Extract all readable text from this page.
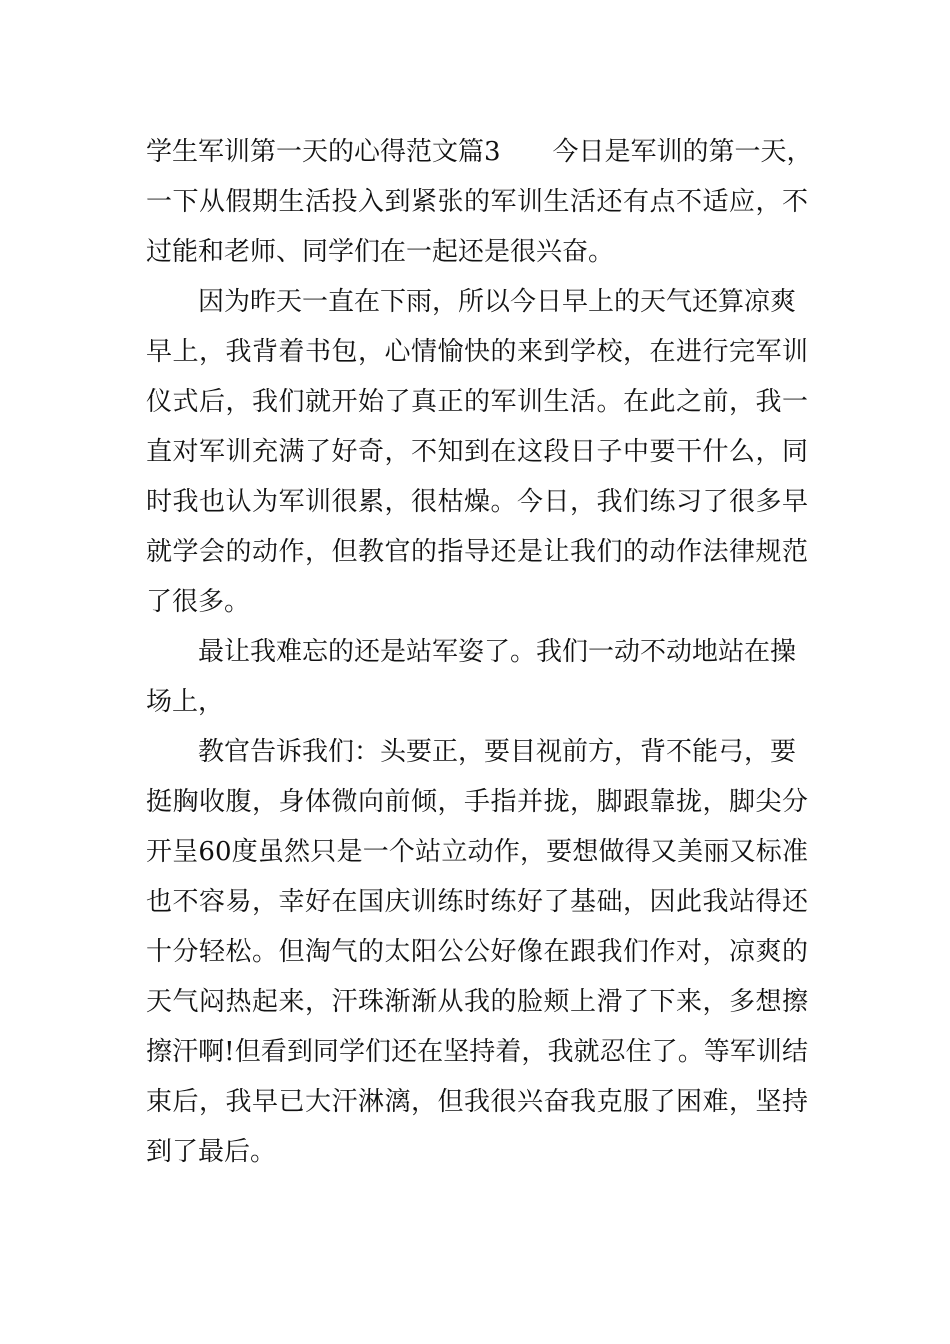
学生军训第一天的心得范文篇3　　今日是军训的第一天，
一下从假期生活投入到紧张的军训生活还有点不适应，不
过能和老师、同学们在一起还是很兴奋。
因为昨天一直在下雨，所以今日早上的天气还算凉爽
早上，我背着书包，心情愉快的来到学校，在进行完军训
仪式后，我们就开始了真正的军训生活。在此之前，我一
直对军训充满了好奇，不知到在这段日子中要干什么，同
时我也认为军训很累，很枯燥。今日，我们练习了很多早
就学会的动作，但教官的指导还是让我们的动作法律规范
了很多。
最让我难忘的还是站军姿了。我们一动不动地站在操
场上，
教官告诉我们：头要正，要目视前方，背不能弓，要
挺胸收腹，身体微向前倾，手指并拢，脚跟靠拢，脚尖分
开呈60度虽然只是一个站立动作，要想做得又美丽又标准
也不容易，幸好在国庆训练时练好了基础，因此我站得还
十分轻松。但淘气的太阳公公好像在跟我们作对，凉爽的
天气闷热起来，汗珠渐渐从我的脸颊上滑了下来，多想擦
擦汗啊!但看到同学们还在坚持着，我就忍住了。等军训结
束后，我早已大汗淋漓，但我很兴奋我克服了困难，坚持
到了最后。
